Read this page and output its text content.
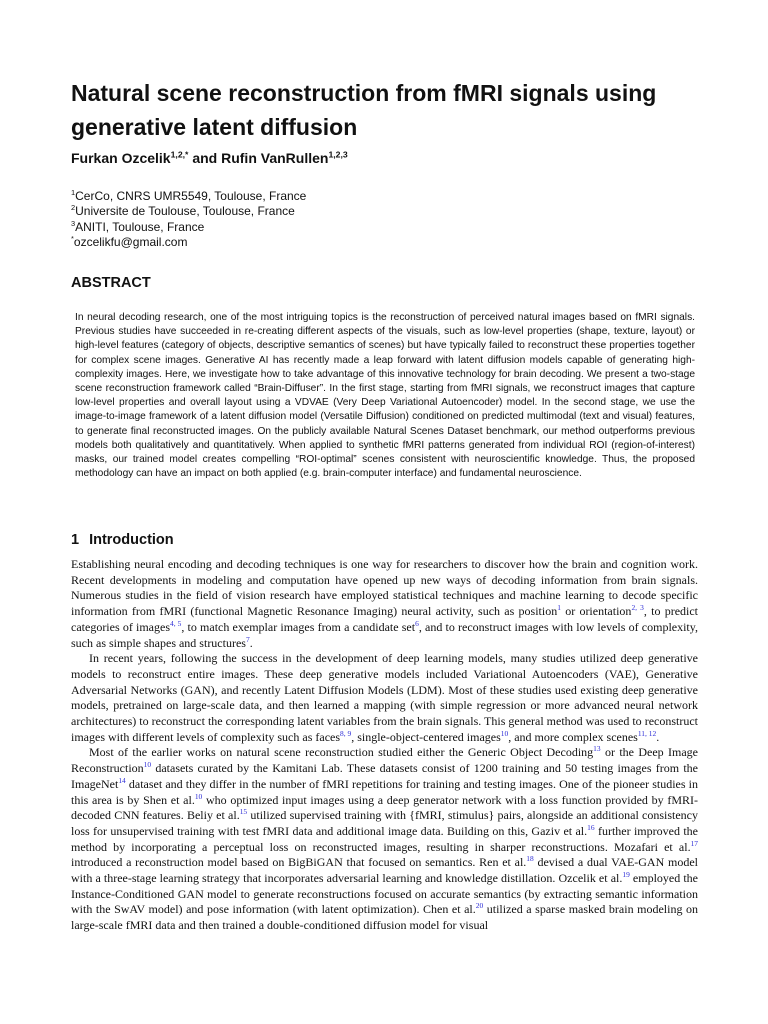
Natural scene reconstruction from fMRI signals using generative latent diffusion
Furkan Ozcelik$^{1,2,*}$ and Rufin VanRullen$^{1,2,3}$
$^1$CerCo, CNRS UMR5549, Toulouse, France
$^2$Universite de Toulouse, Toulouse, France
$^3$ANITI, Toulouse, France
*ozcelikfu@gmail.com
ABSTRACT

In neural decoding research, one of the most intriguing topics is the reconstruction of perceived natural images based on fMRI signals. Previous studies have succeeded in re-creating different aspects of the visuals, such as low-level properties (shape, texture, layout) or high-level features (category of objects, descriptive semantics of scenes) but have typically failed to reconstruct these properties together for complex scene images. Generative AI has recently made a leap forward with latent diffusion models capable of generating high-complexity images. Here, we investigate how to take advantage of this innovative technology for brain decoding. We present a two-stage scene reconstruction framework called “Brain-Diffuser”. In the first stage, starting from fMRI signals, we reconstruct images that capture low-level properties and overall layout using a VDVAE (Very Deep Variational Autoencoder) model. In the second stage, we use the image-to-image framework of a latent diffusion model (Versatile Diffusion) conditioned on predicted multimodal (text and visual) features, to generate final reconstructed images. On the publicly available Natural Scenes Dataset benchmark, our method outperforms previous models both qualitatively and quantitatively. When applied to synthetic fMRI patterns generated from individual ROI (region-of-interest) masks, our trained model creates compelling “ROI-optimal” scenes consistent with neuroscientific knowledge. Thus, the proposed methodology can have an impact on both applied (e.g. brain-computer interface) and fundamental neuroscience.

1 Introduction

Establishing neural encoding and decoding techniques is one way for researchers to discover how the brain and cognition work. Recent developments in modeling and computation have opened up new ways of decoding information from brain signals. Numerous studies in the field of vision research have employed statistical techniques and machine learning to decode specific information from fMRI (functional Magnetic Resonance Imaging) neural activity, such as position$^1$ or orientation$^{2, 3}$, to predict categories of images$^{4, 5}$, to match exemplar images from a candidate set$^6$, and to reconstruct images with low levels of complexity, such as simple shapes and structures$^7$.

In recent years, following the success in the development of deep learning models, many studies utilized deep generative models to reconstruct entire images. These deep generative models included Variational Autoencoders (VAE), Generative Adversarial Networks (GAN), and recently Latent Diffusion Models (LDM). Most of these studies used existing deep generative models, pretrained on large-scale data, and then learned a mapping (with simple regression or more advanced neural network architectures) to reconstruct the corresponding latent variables from the brain signals. This general method was used to reconstruct images with different levels of complexity such as faces$^{8, 9}$, single-object-centered images$^{10}$, and more complex scenes$^{11, 12}$.

Most of the earlier works on natural scene reconstruction studied either the Generic Object Decoding$^{13}$ or the Deep Image Reconstruction$^{10}$ datasets curated by the Kamitani Lab. These datasets consist of 1200 training and 50 testing images from the ImageNet$^{14}$ dataset and they differ in the number of fMRI repetitions for training and testing images. One of the pioneer studies in this area is by Shen et al.$^{10}$ who optimized input images using a deep generator network with a loss function provided by fMRI-decoded CNN features. Beliy et al.$^{15}$ utilized supervised training with {fMRI, stimulus} pairs, alongside an additional consistency loss for unsupervised training with test fMRI data and additional image data. Building on this, Gaziv et al.$^{16}$ further improved the method by incorporating a perceptual loss on reconstructed images, resulting in sharper reconstructions. Mozafari et al.$^{17}$ introduced a reconstruction model based on BigBiGAN that focused on semantics. Ren et al.$^{18}$ devised a dual VAE-GAN model with a three-stage learning strategy that incorporates adversarial learning and knowledge distillation. Ozcelik et al.$^{19}$ employed the Instance-Conditioned GAN model to generate reconstructions focused on accurate semantics (by extracting semantic information with the SwAV model) and pose information (with latent optimization). Chen et al.$^{20}$ utilized a sparse masked brain modeling on large-scale fMRI data and then trained a double-conditioned diffusion model for visual
